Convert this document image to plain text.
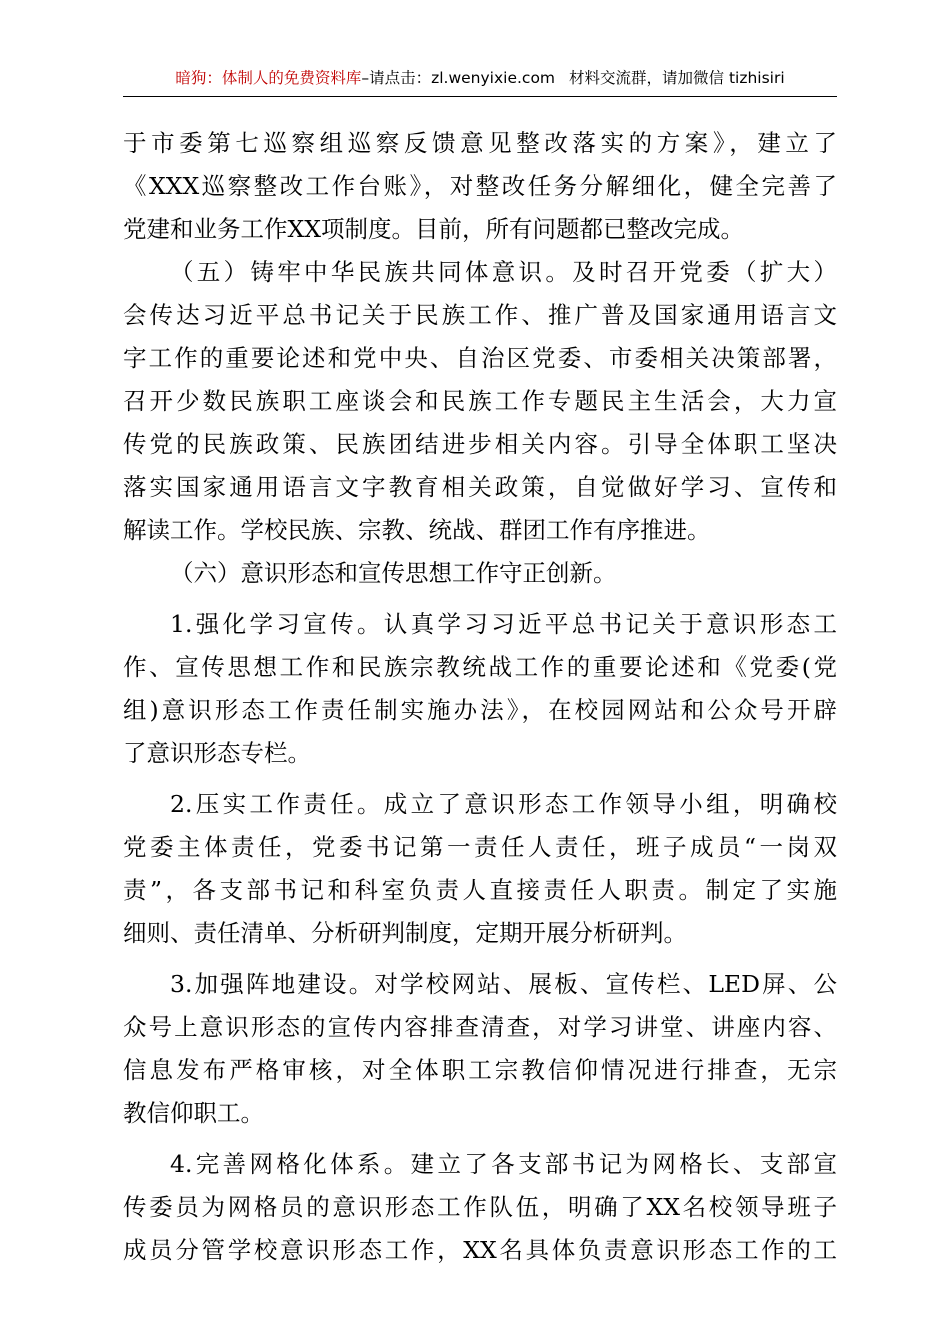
暗狗：体制人的免费资料库–请点击：zl.wenyixie.com 材料交流群，请加微信 tizhisiri
于市委第七巡察组巡察反馈意见整改落实的方案》，建立了
《XXX巡察整改工作台账》，对整改任务分解细化，健全完善了
党建和业务工作XX项制度。目前，所有问题都已整改完成。
（五）铸牢中华民族共同体意识。及时召开党委（扩大）
会传达习近平总书记关于民族工作、推广普及国家通用语言文
字工作的重要论述和党中央、自治区党委、市委相关决策部署，
召开少数民族职工座谈会和民族工作专题民主生活会，大力宣
传党的民族政策、民族团结进步相关内容。引导全体职工坚决
落实国家通用语言文字教育相关政策，自觉做好学习、宣传和
解读工作。学校民族、宗教、统战、群团工作有序推进。
（六）意识形态和宣传思想工作守正创新。
1.强化学习宣传。认真学习习近平总书记关于意识形态工
作、宣传思想工作和民族宗教统战工作的重要论述和《党委(党
组)意识形态工作责任制实施办法》，在校园网站和公众号开辟
了意识形态专栏。
2.压实工作责任。成立了意识形态工作领导小组，明确校
党委主体责任，党委书记第一责任人责任，班子成员“一岗双
责”，各支部书记和科室负责人直接责任人职责。制定了实施
细则、责任清单、分析研判制度，定期开展分析研判。
3.加强阵地建设。对学校网站、展板、宣传栏、LED屏、公
众号上意识形态的宣传内容排查清查，对学习讲堂、讲座内容、
信息发布严格审核，对全体职工宗教信仰情况进行排查，无宗
教信仰职工。
4.完善网格化体系。建立了各支部书记为网格长、支部宣
传委员为网格员的意识形态工作队伍，明确了XX名校领导班子
成员分管学校意识形态工作，XX名具体负责意识形态工作的工
